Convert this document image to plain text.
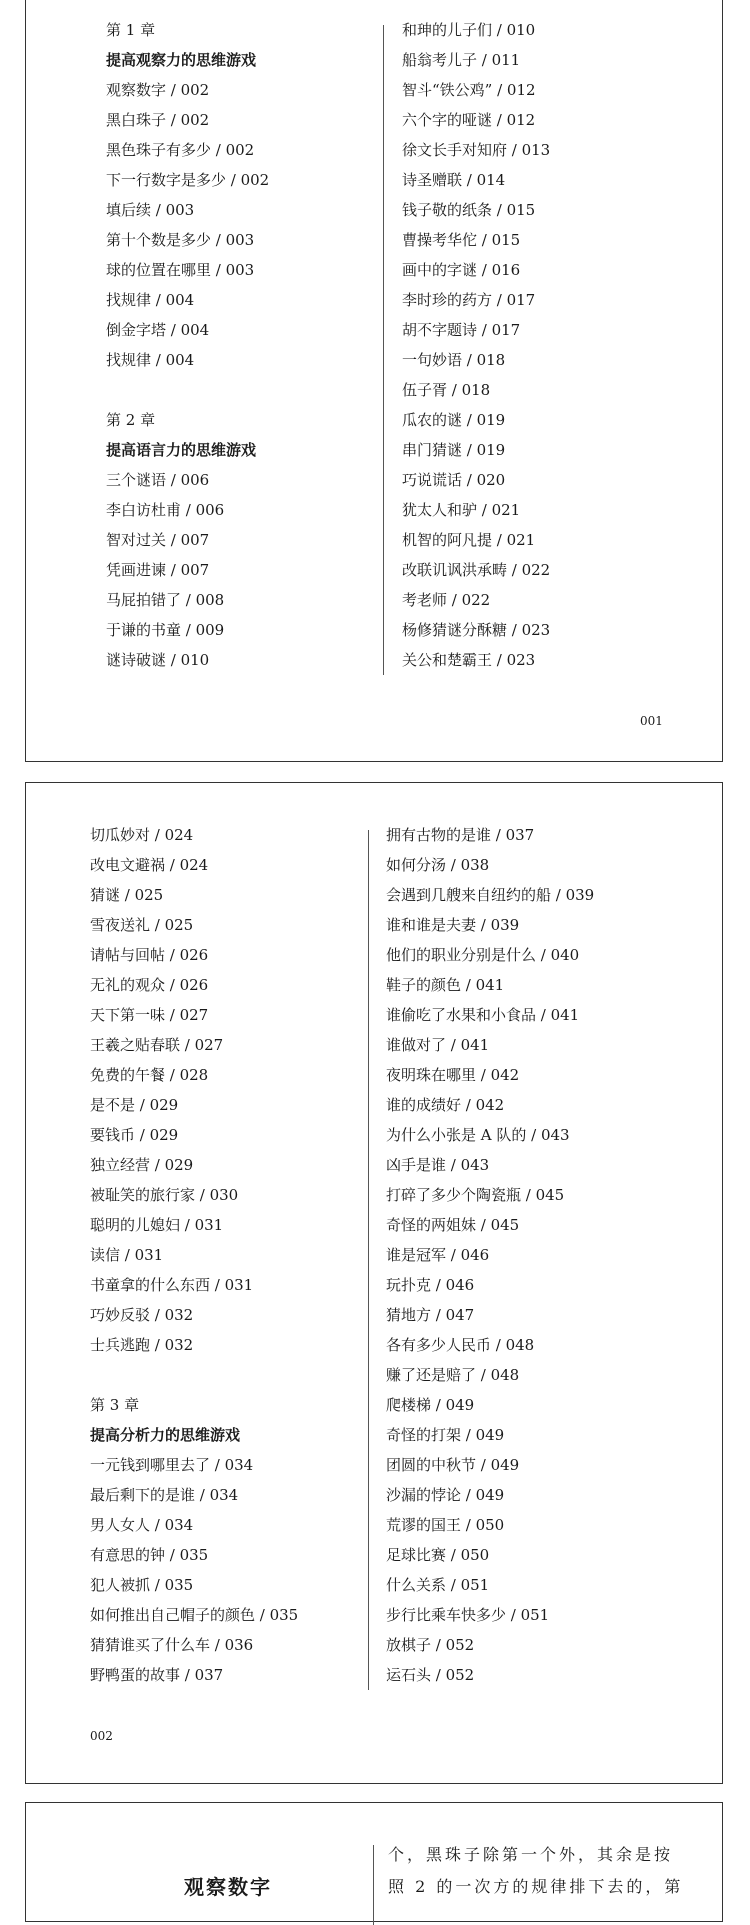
第 1 章
提高观察力的思维游戏
观察数字 / 002
黑白珠子 / 002
黑色珠子有多少 / 002
下一行数字是多少 / 002
填后续 / 003
第十个数是多少 / 003
球的位置在哪里 / 003
找规律 / 004
倒金字塔 / 004
找规律 / 004
第 2 章
提高语言力的思维游戏
三个谜语 / 006
李白访杜甫 / 006
智对过关 / 007
凭画进谏 / 007
马屁拍错了 / 008
于谦的书童 / 009
谜诗破谜 / 010
和珅的儿子们 / 010
船翁考儿子 / 011
智斗“铁公鸡” / 012
六个字的哑谜 / 012
徐文长手对知府 / 013
诗圣赠联 / 014
钱子敬的纸条 / 015
曹操考华佗 / 015
画中的字谜 / 016
李时珍的药方 / 017
胡不字题诗 / 017
一句妙语 / 018
伍子胥 / 018
瓜农的谜 / 019
串门猜谜 / 019
巧说谎话 / 020
犹太人和驴 / 021
机智的阿凡提 / 021
改联讥讽洪承畴 / 022
考老师 / 022
杨修猜谜分酥糖 / 023
关公和楚霸王 / 023
001
切瓜妙对 / 024
改电文避祸 / 024
猜谜 / 025
雪夜送礼 / 025
请帖与回帖 / 026
无礼的观众 / 026
天下第一味 / 027
王羲之贴春联 / 027
免费的午餐 / 028
是不是 / 029
要钱币 / 029
独立经营 / 029
被耻笑的旅行家 / 030
聪明的儿媳妇 / 031
读信 / 031
书童拿的什么东西 / 031
巧妙反驳 / 032
士兵逃跑 / 032
第 3 章
提高分析力的思维游戏
一元钱到哪里去了 / 034
最后剩下的是谁 / 034
男人女人 / 034
有意思的钟 / 035
犯人被抓 / 035
如何推出自己帽子的颜色 / 035
猜猜谁买了什么车 / 036
野鸭蛋的故事 / 037
拥有古物的是谁 / 037
如何分汤 / 038
会遇到几艘来自纽约的船 / 039
谁和谁是夫妻 / 039
他们的职业分别是什么 / 040
鞋子的颜色 / 041
谁偷吃了水果和小食品 / 041
谁做对了 / 041
夜明珠在哪里 / 042
谁的成绩好 / 042
为什么小张是 A 队的 / 043
凶手是谁 / 043
打碎了多少个陶瓷瓶 / 045
奇怪的两姐妹 / 045
谁是冠军 / 046
玩扑克 / 046
猜地方 / 047
各有多少人民币 / 048
赚了还是赔了 / 048
爬楼梯 / 049
奇怪的打架 / 049
团圆的中秋节 / 049
沙漏的悖论 / 049
荒谬的国王 / 050
足球比赛 / 050
什么关系 / 051
步行比乘车快多少 / 051
放棋子 / 052
运石头 / 052
002
观察数字
个，黑珠子除第一个外，其余是按
照 2 的一次方的规律排下去的，第
